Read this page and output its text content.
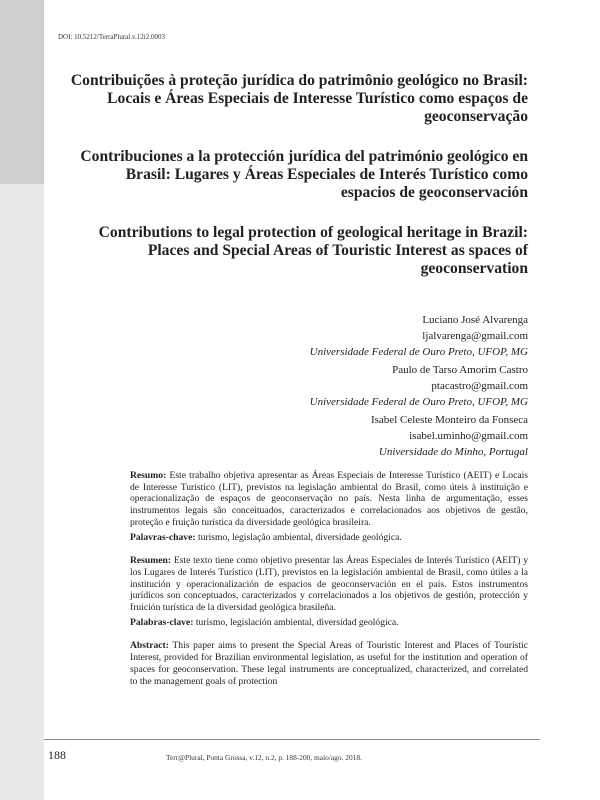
DOI: 10.5212/TerraPlural.v.12i2.0003

Contribuições à proteção jurídica do patrimônio geológico no Brasil: Locais e Áreas Especiais de Interesse Turístico como espaços de geoconservação

Contribuciones a la protección jurídica del património geológico en Brasil: Lugares y Áreas Especiales de Interés Turístico como espacios de geoconservación

Contributions to legal protection of geological heritage in Brazil: Places and Special Areas of Touristic Interest as spaces of geoconservation

Luciano José Alvarenga
ljalvarenga@gmail.com
Universidade Federal de Ouro Preto, UFOP, MG
Paulo de Tarso Amorim Castro
ptacastro@gmail.com
Universidade Federal de Ouro Preto, UFOP, MG
Isabel Celeste Monteiro da Fonseca
isabel.uminho@gmail.com
Universidade do Minho, Portugal

Resumo: Este trabalho objetiva apresentar as Áreas Especiais de Interesse Turístico (AEIT) e Locais de Interesse Turístico (LIT), previstos na legislação ambiental do Brasil, como úteis à instituição e operacionalização de espaços de geoconservação no país. Nesta linha de argumentação, esses instrumentos legais são conceituados, caracterizados e correlacionados aos objetivos de gestão, proteção e fruição turística da diversidade geológica brasileira.

Palavras-chave: turismo, legislação ambiental, diversidade geológica.

Resumen: Este texto tiene como objetivo presentar las Áreas Especiales de Interés Turístico (AEIT) y los Lugares de Interés Turístico (LIT), previstos en la legislación ambiental de Brasil, como útiles a la institución y operacionalización de espacios de geoconservación en el país. Estos instrumentos jurídicos son conceptuados, caracterizados y correlacionados a los objetivos de gestión, protección y fruición turística de la diversidad geológica brasileña.

Palabras-clave: turismo, legislación ambiental, diversidad geológica.

Abstract: This paper aims to present the Special Areas of Touristic Interest and Places of Touristic Interest, provided for Brazilian environmental legislation, as useful for the institution and operation of spaces for geoconservation. These legal instruments are conceptualized, characterized, and correlated to the management goals of protection

188	Terr@Plural, Ponta Grossa, v.12, n.2, p. 188-200, maio/ago. 2018.
